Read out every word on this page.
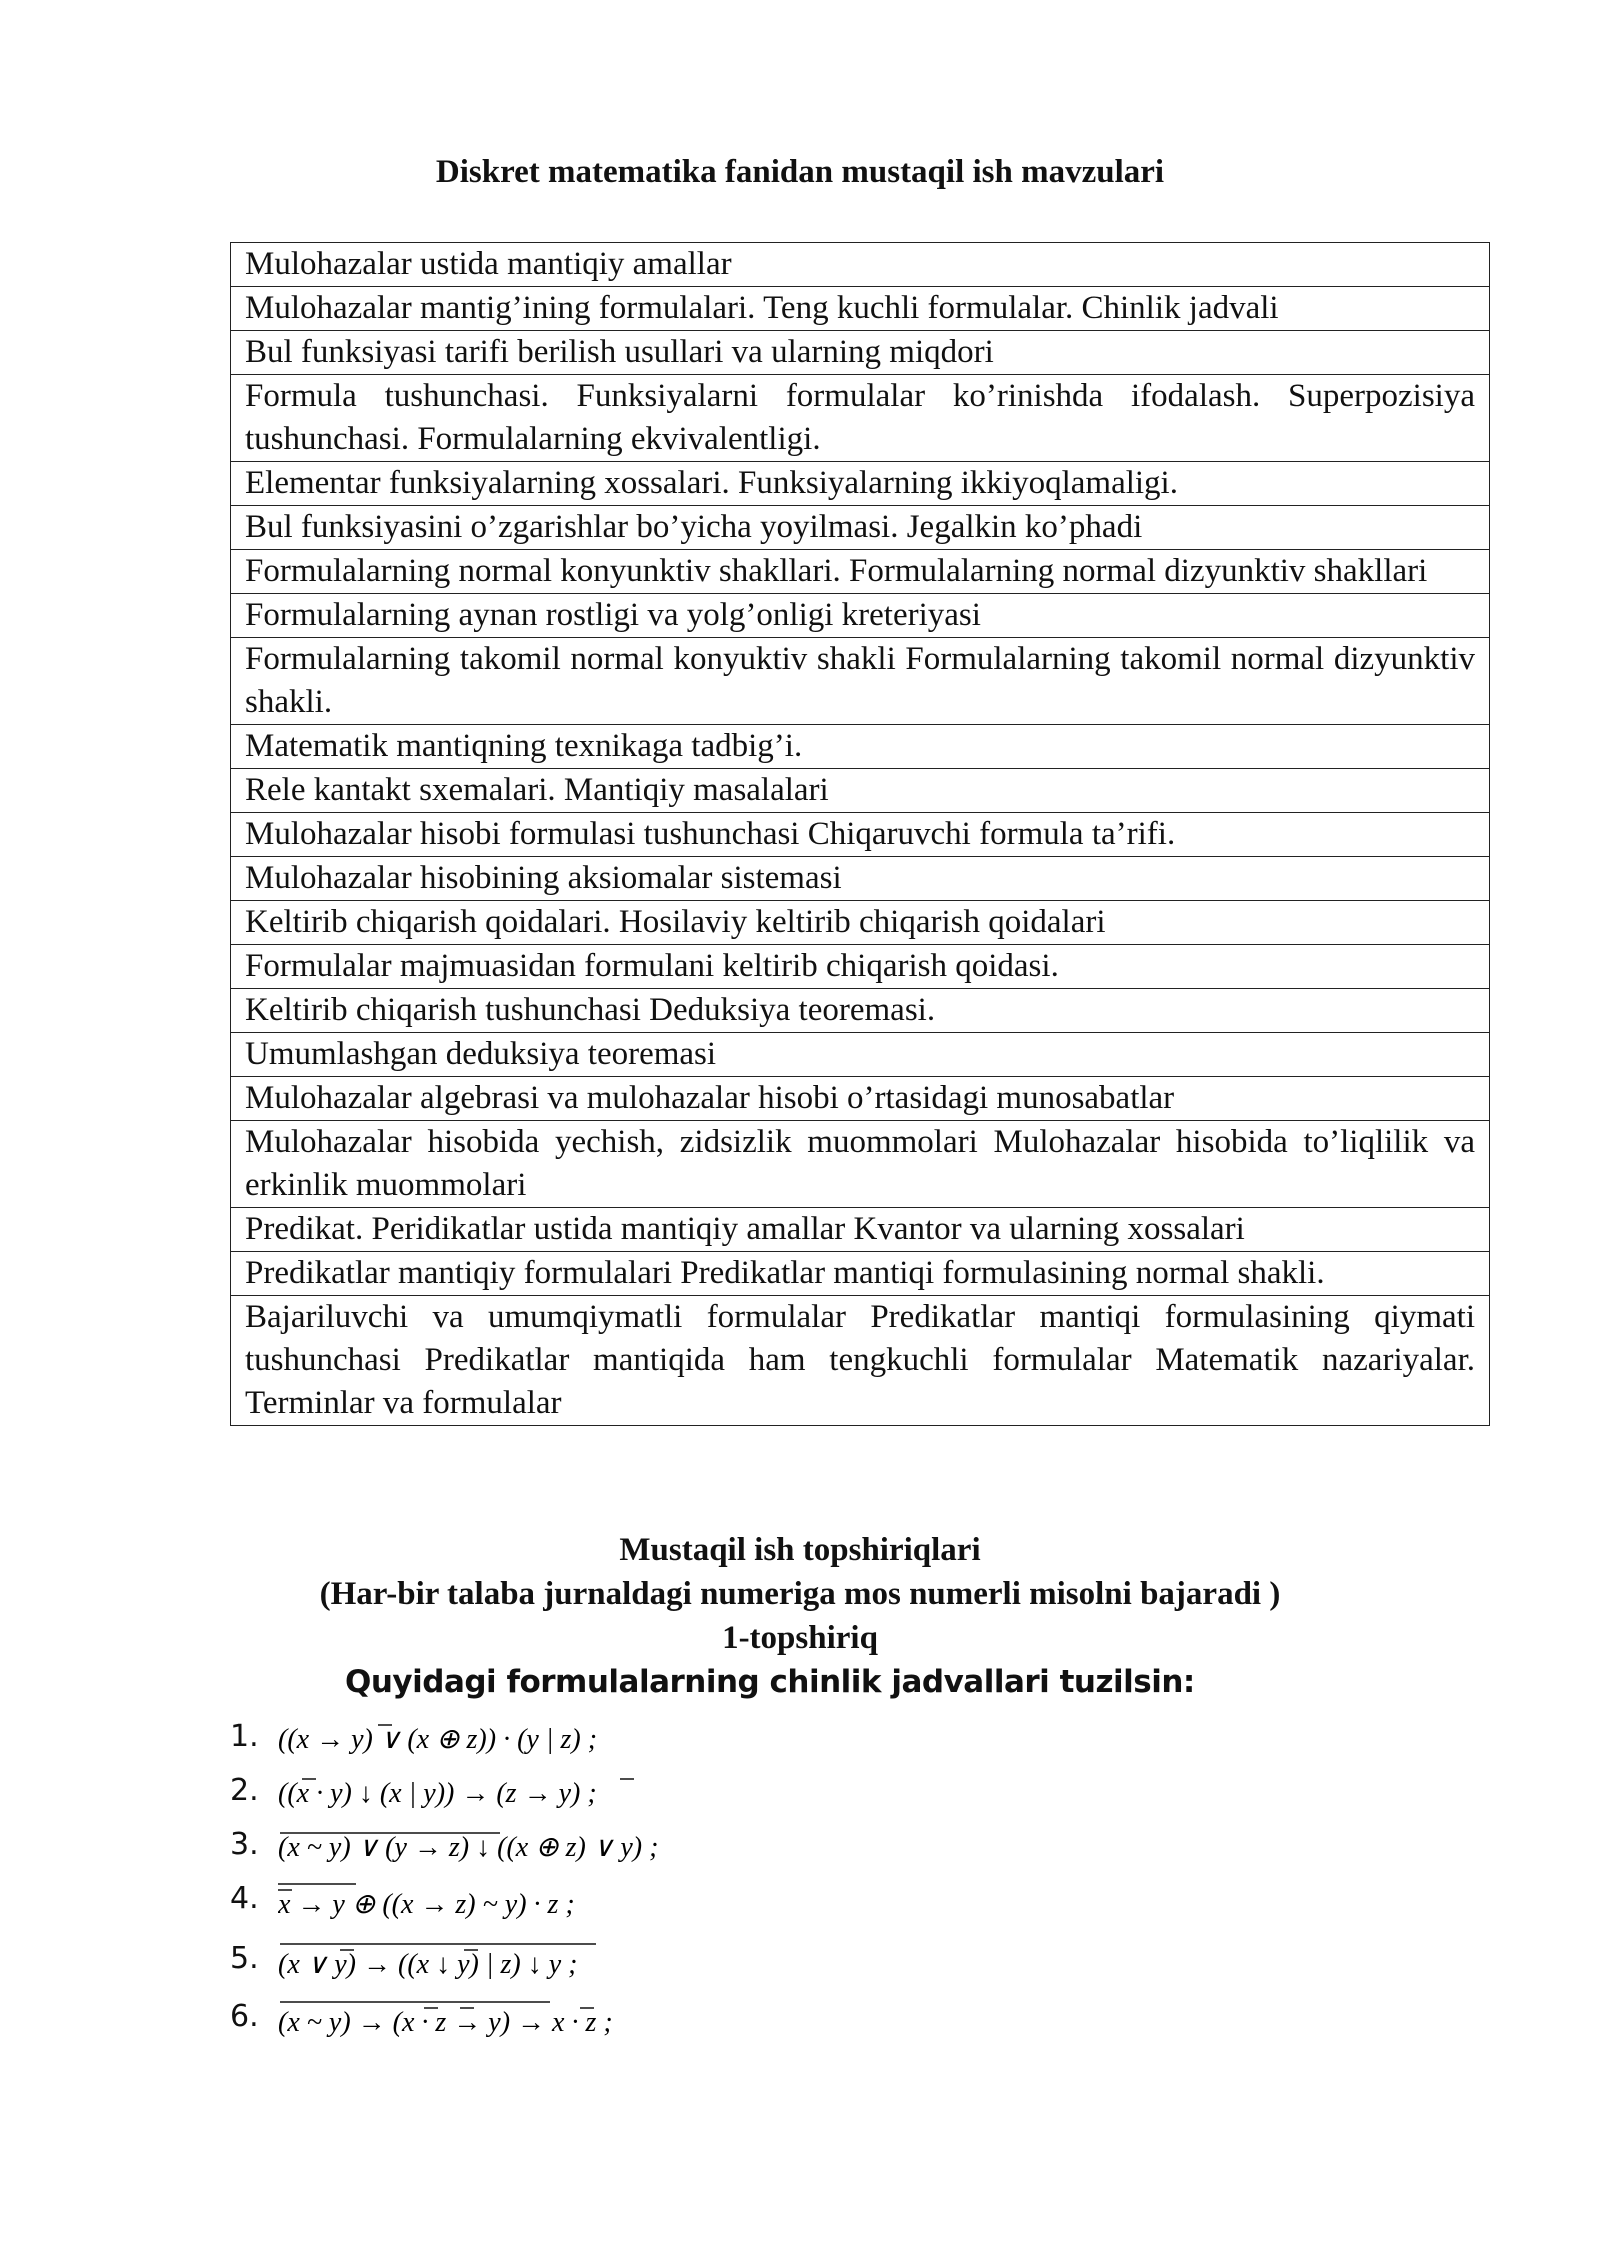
Diskret matematika fanidan mustaqil ish mavzulari
Mulohazalar ustida mantiqiy amallar
Mulohazalar mantig’ining formulalari. Teng kuchli formulalar. Chinlik jadvali
Bul funksiyasi tarifi berilish usullari va ularning miqdori
Formula tushunchasi. Funksiyalarni formulalar ko’rinishda ifodalash. Superpozisiya tushunchasi. Formulalarning ekvivalentligi.
Elementar funksiyalarning xossalari. Funksiyalarning ikkiyoqlamaligi.
Bul funksiyasini o’zgarishlar bo’yicha yoyilmasi. Jegalkin ko’phadi
Formulalarning normal konyunktiv shakllari. Formulalarning normal dizyunktiv shakllari
Formulalarning aynan rostligi va yolg’onligi kreteriyasi
Formulalarning takomil normal konyuktiv shakli Formulalarning takomil normal dizyunktiv shakli.
Matematik mantiqning texnikaga tadbig’i.
Rele kantakt sxemalari. Mantiqiy masalalari
Mulohazalar hisobi formulasi tushunchasi Chiqaruvchi formula ta’rifi.
Mulohazalar hisobining aksiomalar sistemasi
Keltirib chiqarish qoidalari. Hosilaviy keltirib chiqarish qoidalari
Formulalar majmuasidan formulani keltirib chiqarish qoidasi.
Keltirib chiqarish tushunchasi Deduksiya teoremasi.
Umumlashgan deduksiya teoremasi
Mulohazalar algebrasi va mulohazalar hisobi o’rtasidagi munosabatlar
Mulohazalar hisobida yechish, zidsizlik muommolari Mulohazalar hisobida to’liqlilik va erkinlik muommolari
Predikat. Peridikatlar ustida mantiqiy amallar Kvantor va ularning xossalari
Predikatlar mantiqiy formulalari Predikatlar mantiqi formulasining normal shakli.
Bajariluvchi va umumqiymatli formulalar Predikatlar mantiqi formulasining qiymati tushunchasi Predikatlar mantiqida ham tengkuchli formulalar Matematik nazariyalar. Terminlar va formulalar
Mustaqil ish topshiriqlari
(Har-bir talaba jurnaldagi numeriga mos numerli misolni bajaradi )
1-topshiriq
Quyidagi formulalarning chinlik jadvallari tuzilsin:
1. ((x → y) ∨ (x ⊕ z)) · (y | z) ;
2. ((x · y) ↓ (x | y)) → (z → y) ;
3. (x ~ y) ∨ (y → z) ↓ ((x ⊕ z) ∨ y) ;
4. x → y ⊕ ((x → z) ~ y) · z ;
5. (x ∨ y) → ((x ↓ y) | z) ↓ y ;
6. (x ~ y) → (x · z → y) → x · z ;
